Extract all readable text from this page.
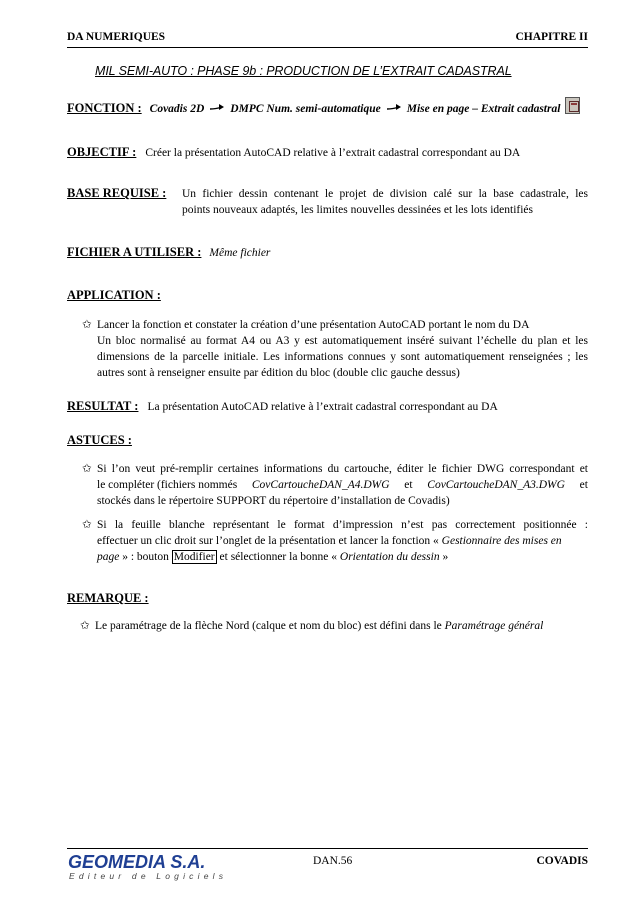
DA NUMERIQUES	CHAPITRE II
MIL SEMI-AUTO : PHASE 9b : PRODUCTION DE L’EXTRAIT CADASTRAL
FONCTION : Covadis 2D DMPC Num. semi-automatique Mise en page – Extrait cadastral
OBJECTIF : Créer la présentation AutoCAD relative à l’extrait cadastral correspondant au DA
BASE REQUISE : Un fichier dessin contenant le projet de division calé sur la base cadastrale, les
points nouveaux adaptés, les limites nouvelles dessinées et les lots identifiés
FICHIER A UTILISER : Même fichier
APPLICATION :
✩ Lancer la fonction et constater la création d’une présentation AutoCAD portant le nom du DA
Un bloc normalisé au format A4 ou A3 y est automatiquement inséré suivant l’échelle du plan et les
dimensions de la parcelle initiale. Les informations connues y sont automatiquement renseignées ; les
autres sont à renseigner ensuite par édition du bloc (double clic gauche dessus)
RESULTAT : La présentation AutoCAD relative à l’extrait cadastral correspondant au DA
ASTUCES :
✩ Si l’on veut pré-remplir certaines informations du cartouche, éditer le fichier DWG correspondant et
le compléter (fichiers nommés CovCartoucheDAN_A4.DWG et CovCartoucheDAN_A3.DWG et
stockés dans le répertoire SUPPORT du répertoire d’installation de Covadis)
✩ Si la feuille blanche représentant le format d’impression n’est pas correctement positionnée :
effectuer un clic droit sur l’onglet de la présentation et lancer la fonction « Gestionnaire des mises en
page » : bouton Modifier et sélectionner la bonne « Orientation du dessin »
REMARQUE :
✩ Le paramétrage de la flèche Nord (calque et nom du bloc) est défini dans le Paramétrage général
GEOMEDIA S.A.
Editeur de Logiciels
DAN.56	COVADIS
